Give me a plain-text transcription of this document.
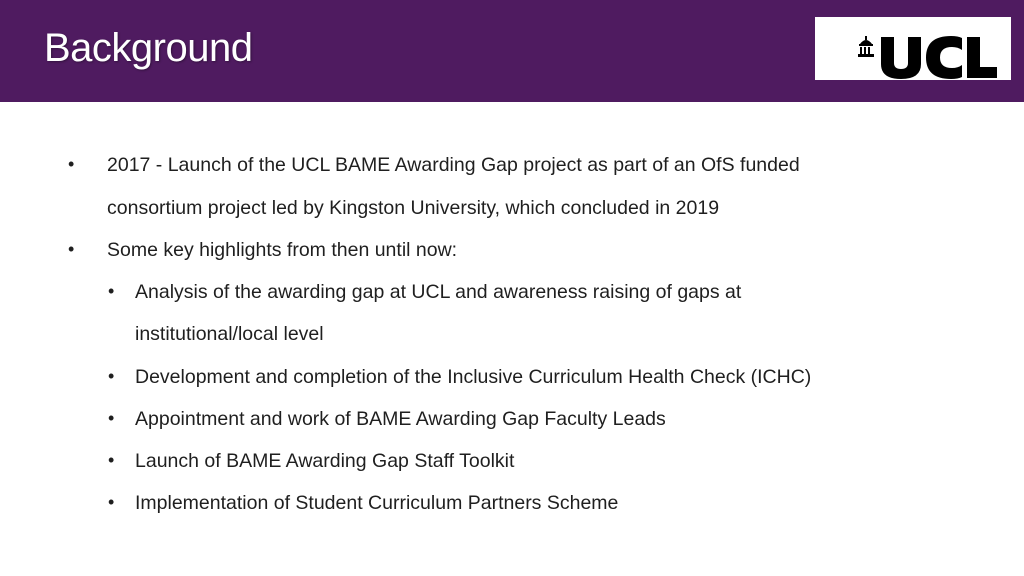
Background
• 2017 - Launch of the UCL BAME Awarding Gap project as part of an OfS funded
consortium project led by Kingston University, which concluded in 2019
• Some key highlights from then until now:
• Analysis of the awarding gap at UCL and awareness raising of gaps at
institutional/local level
• Development and completion of the Inclusive Curriculum Health Check (ICHC)
• Appointment and work of BAME Awarding Gap Faculty Leads
• Launch of BAME Awarding Gap Staff Toolkit
• Implementation of Student Curriculum Partners Scheme
